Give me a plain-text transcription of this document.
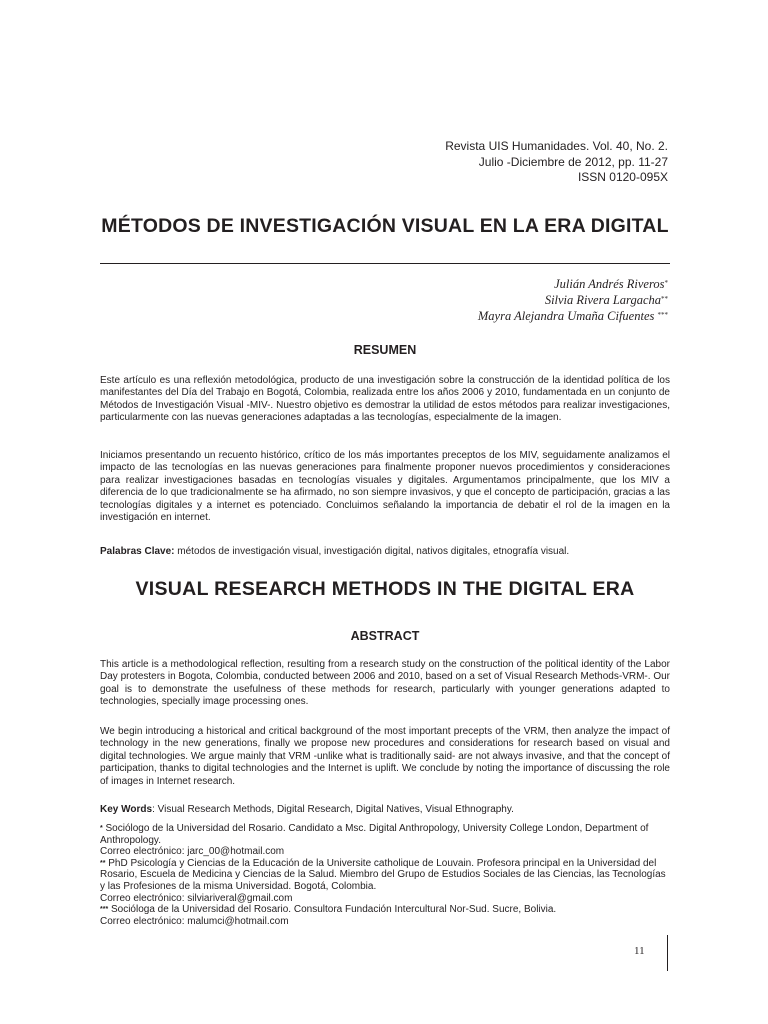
Revista UIS Humanidades. Vol. 40, No. 2.
Julio -Diciembre de 2012, pp. 11-27
ISSN 0120-095X
MÉTODOS DE INVESTIGACIÓN VISUAL EN LA ERA DIGITAL
Julián Andrés Riveros*
Silvia Rivera Largacha**
Mayra Alejandra Umaña Cifuentes ***
RESUMEN

Este artículo es una reflexión metodológica, producto de una investigación sobre la construcción de la identidad política de los manifestantes del Día del Trabajo en Bogotá, Colombia, realizada entre los años 2006 y 2010, fundamentada en un conjunto de Métodos de Investigación Visual -MIV-. Nuestro objetivo es demostrar la utilidad de estos métodos para realizar investigaciones, particularmente con las nuevas generaciones adaptadas a las tecnologías, especialmente de la imagen.

Iniciamos presentando un recuento histórico, crítico de los más importantes preceptos de los MIV, seguidamente analizamos el impacto de las tecnologías en las nuevas generaciones para finalmente proponer nuevos procedimientos y consideraciones para realizar investigaciones basadas en tecnologías visuales y digitales. Argumentamos principalmente, que los MIV a diferencia de lo que tradicionalmente se ha afirmado, no son siempre invasivos, y que el concepto de participación, gracias a las tecnologías digitales y a internet es potenciado. Concluimos señalando la importancia de debatir el rol de la imagen en la investigación en internet.

Palabras Clave: métodos de investigación visual, investigación digital, nativos digitales, etnografía visual.

VISUAL RESEARCH METHODS IN THE DIGITAL ERA
ABSTRACT

This article is a methodological reflection, resulting from a research study on the construction of the political identity of the Labor Day protesters in Bogota, Colombia, conducted between 2006 and 2010, based on a set of Visual Research Methods-VRM-. Our goal is to demonstrate the usefulness of these methods for research, particularly with younger generations adapted to technologies, specially image processing ones.

We begin introducing a historical and critical background of the most important precepts of the VRM, then analyze the impact of technology in the new generations, finally we propose new procedures and considerations for research based on visual and digital technologies. We argue mainly that VRM -unlike what is traditionally said- are not always invasive, and that the concept of participation, thanks to digital technologies and the Internet is uplift. We conclude by noting the importance of discussing the role of images in Internet research.

Key Words: Visual Research Methods, Digital Research, Digital Natives, Visual Ethnography.

* Sociólogo de la Universidad del Rosario. Candidato a Msc. Digital Anthropology, University College London, Department of Anthropology.
Correo electrónico: jarc_00@hotmail.com

** PhD Psicología y Ciencias de la Educación de la Universite catholique de Louvain. Profesora principal en la Universidad del Rosario, Escuela de Medicina y Ciencias de la Salud. Miembro del Grupo de Estudios Sociales de las Ciencias, las Tecnologías y las Profesiones de la misma Universidad. Bogotá, Colombia.
Correo electrónico: silviariveral@gmail.com

*** Socióloga de la Universidad del Rosario. Consultora Fundación Intercultural Nor-Sud. Sucre, Bolivia.
Correo electrónico: malumci@hotmail.com

11
